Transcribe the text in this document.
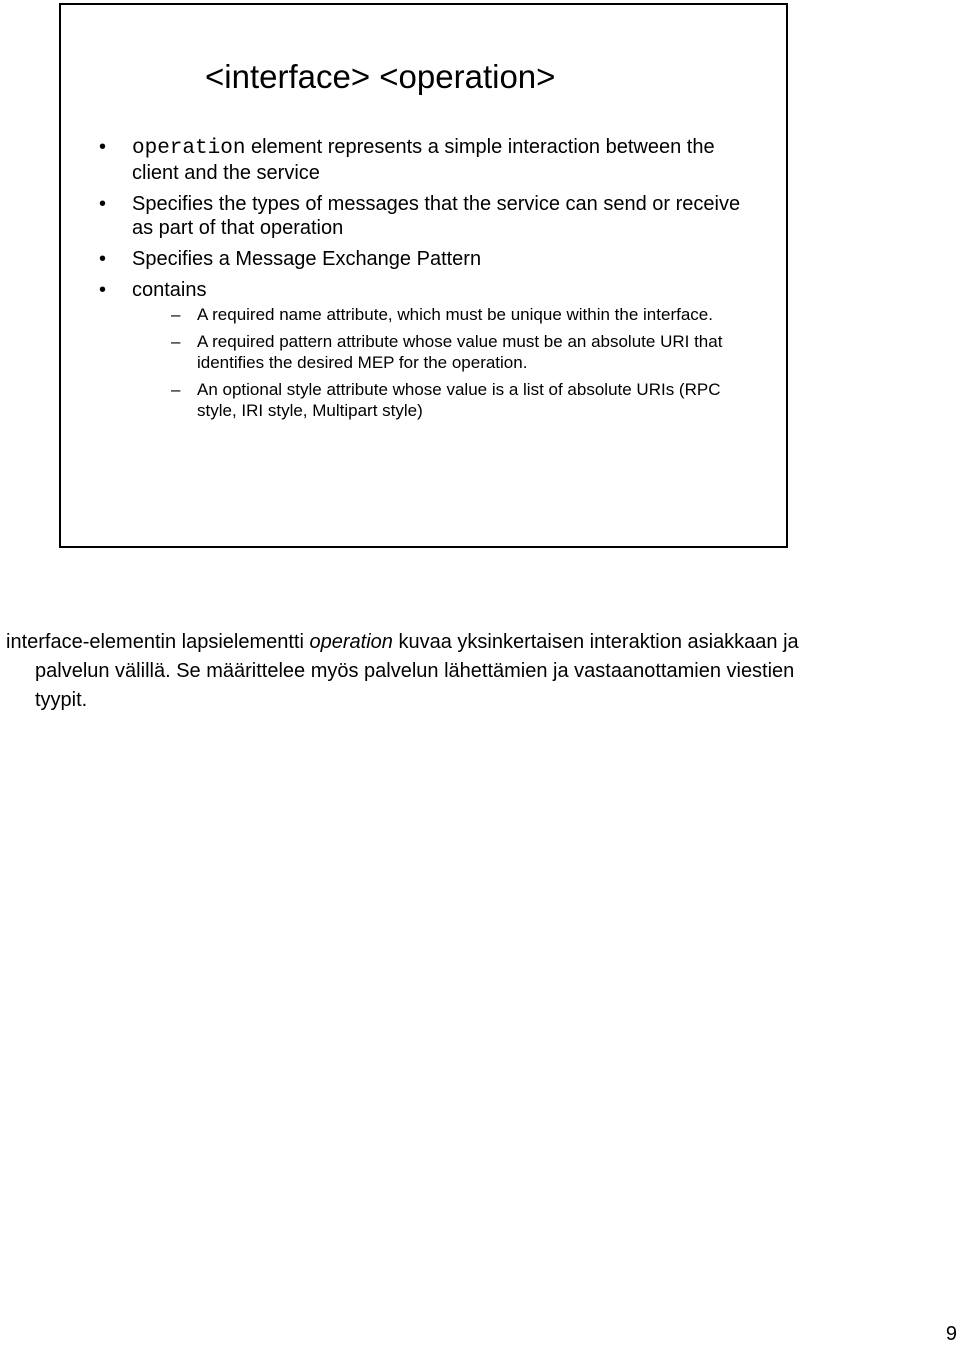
<interface> <operation>
•	operation element represents a simple interaction between the client and the service
•	Specifies the types of messages that the service can send or receive as part of that operation
•	Specifies a Message Exchange Pattern
•	contains
– A required name attribute, which must be unique within the interface.
– A required pattern attribute whose value must be an absolute URI that identifies the desired MEP for the operation.
– An optional style attribute whose value is a list of absolute URIs (RPC style, IRI style, Multipart style)

interface-elementin lapsielementti operation kuvaa yksinkertaisen interaktion asiakkaan ja palvelun välillä. Se määrittelee myös palvelun lähettämien ja vastaanottamien viestien tyypit.

9
